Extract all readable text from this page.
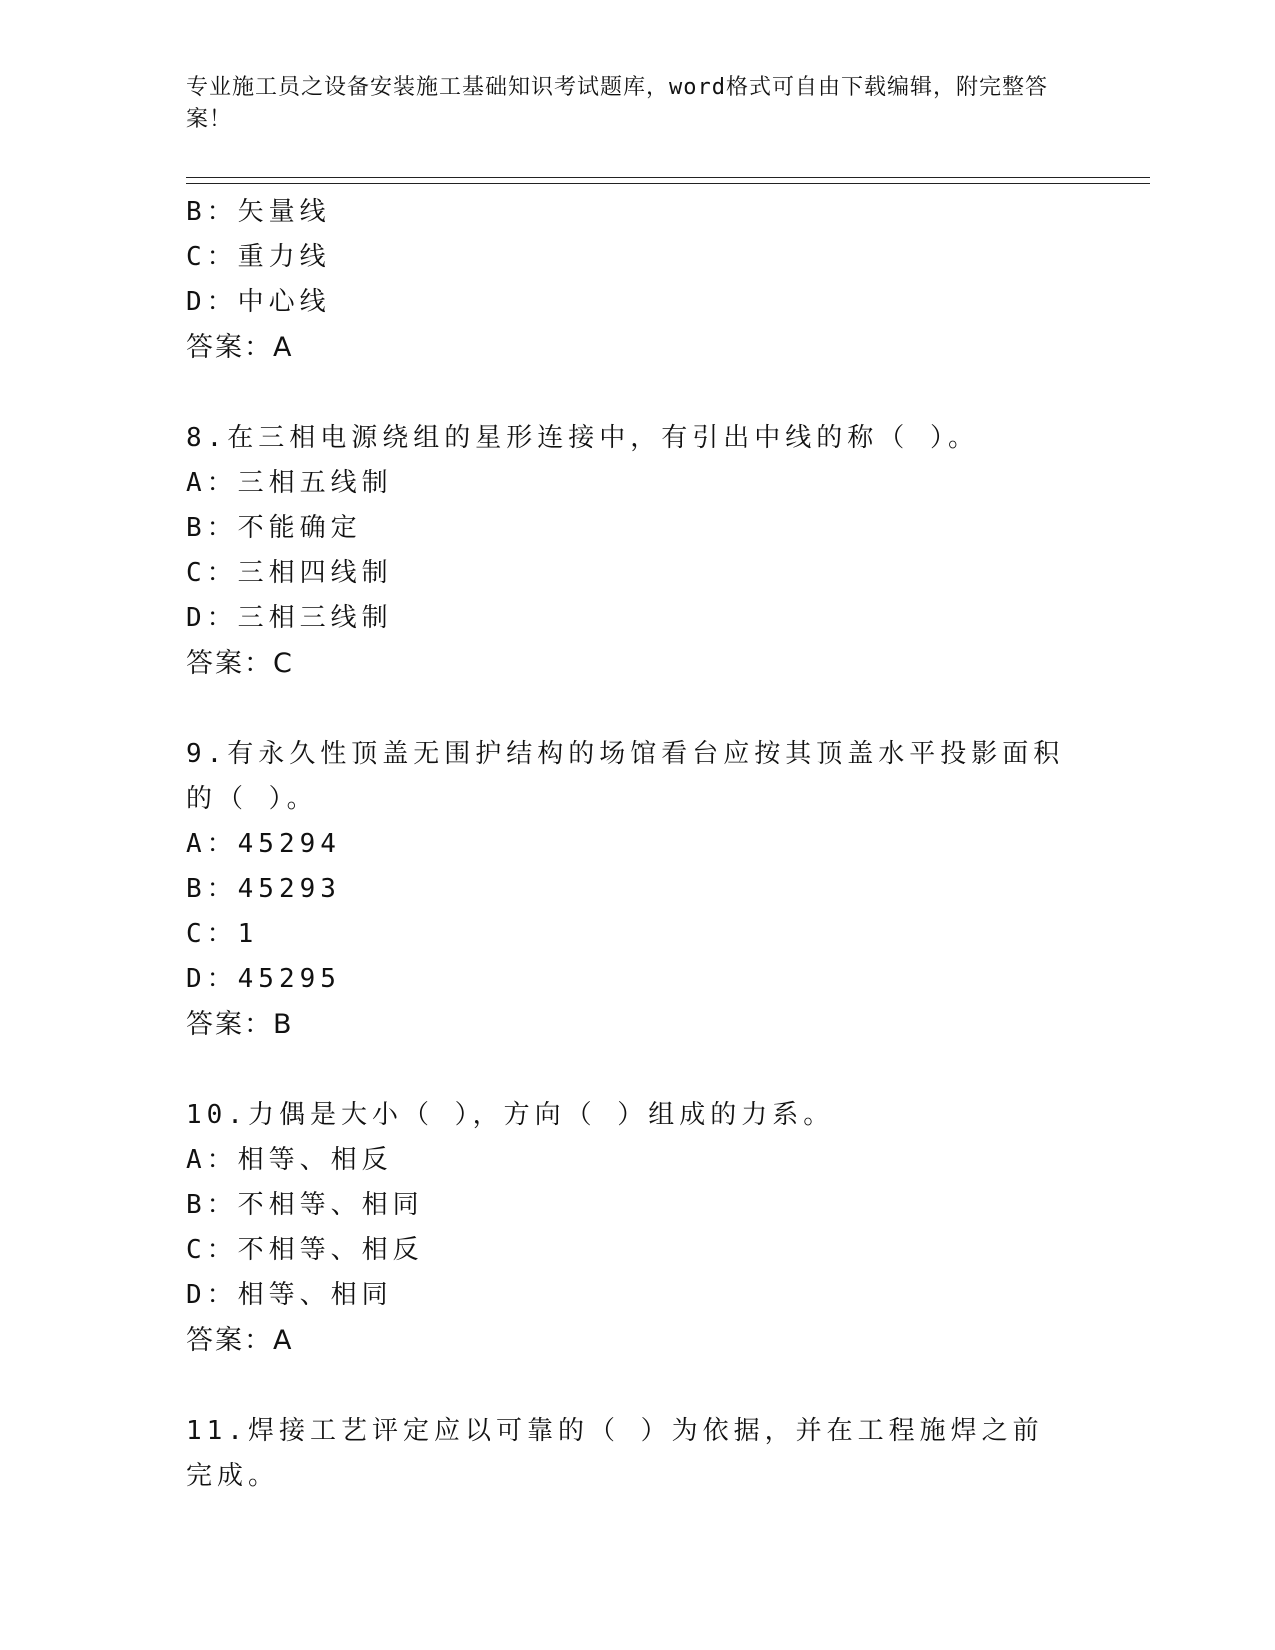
专业施工员之设备安装施工基础知识考试题库，word格式可自由下载编辑，附完整答案！
B：矢量线
C：重力线
D：中心线
答案：A
8.在三相电源绕组的星形连接中，有引出中线的称（ ）。
A：三相五线制
B：不能确定
C：三相四线制
D：三相三线制
答案：C
9.有永久性顶盖无围护结构的场馆看台应按其顶盖水平投影面积的（ ）。
A：45294
B：45293
C：1
D：45295
答案：B
10.力偶是大小（ ），方向（ ）组成的力系。
A：相等、相反
B：不相等、相同
C：不相等、相反
D：相等、相同
答案：A
11.焊接工艺评定应以可靠的（ ）为依据，并在工程施焊之前完成。
